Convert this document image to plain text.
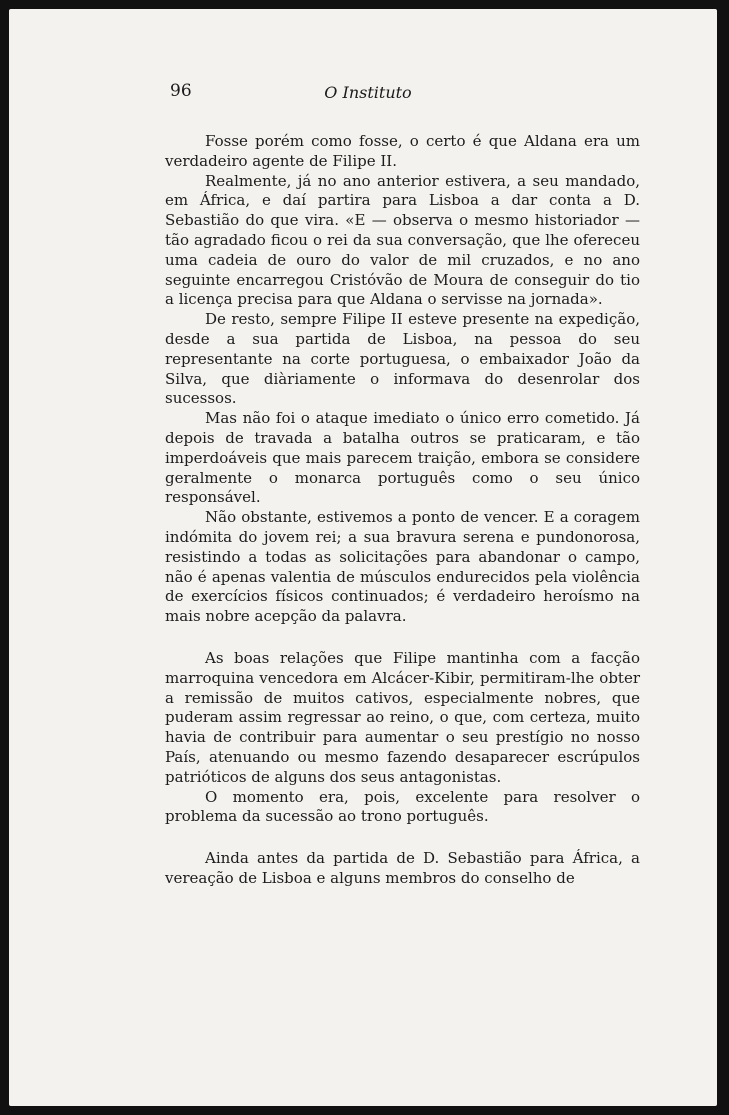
96	O Instituto

Fosse porém como fosse, o certo é que Aldana era um verdadeiro agente de Filipe II.

Realmente, já no ano anterior estivera, a seu mandado, em África, e daí partira para Lisboa a dar conta a D. Sebastião do que vira. «E — observa o mesmo historiador — tão agradado ficou o rei da sua conversação, que lhe ofereceu uma cadeia de ouro do valor de mil cruzados, e no ano seguinte encarregou Cristóvão de Moura de conseguir do tio a licença precisa para que Aldana o servisse na jornada».

De resto, sempre Filipe II esteve presente na expedição, desde a sua partida de Lisboa, na pessoa do seu representante na corte portuguesa, o embaixador João da Silva, que diàriamente o informava do desenrolar dos sucessos.

Mas não foi o ataque imediato o único erro cometido. Já depois de travada a batalha outros se praticaram, e tão imperdoáveis que mais parecem traição, embora se considere geralmente o monarca português como o seu único responsável.

Não obstante, estivemos a ponto de vencer. E a coragem indómita do jovem rei; a sua bravura serena e pundonorosa, resistindo a todas as solicitações para abandonar o campo, não é apenas valentia de músculos endurecidos pela violência de exercícios físicos continuados; é verdadeiro heroísmo na mais nobre acepção da palavra.

As boas relações que Filipe mantinha com a facção marroquina vencedora em Alcácer-Kibir, permitiram-lhe obter a remissão de muitos cativos, especialmente nobres, que puderam assim regressar ao reino, o que, com certeza, muito havia de contribuir para aumentar o seu prestígio no nosso País, atenuando ou mesmo fazendo desaparecer escrúpulos patrióticos de alguns dos seus antagonistas.

O momento era, pois, excelente para resolver o problema da sucessão ao trono português.

Ainda antes da partida de D. Sebastião para África, a vereação de Lisboa e alguns membros do conselho de
